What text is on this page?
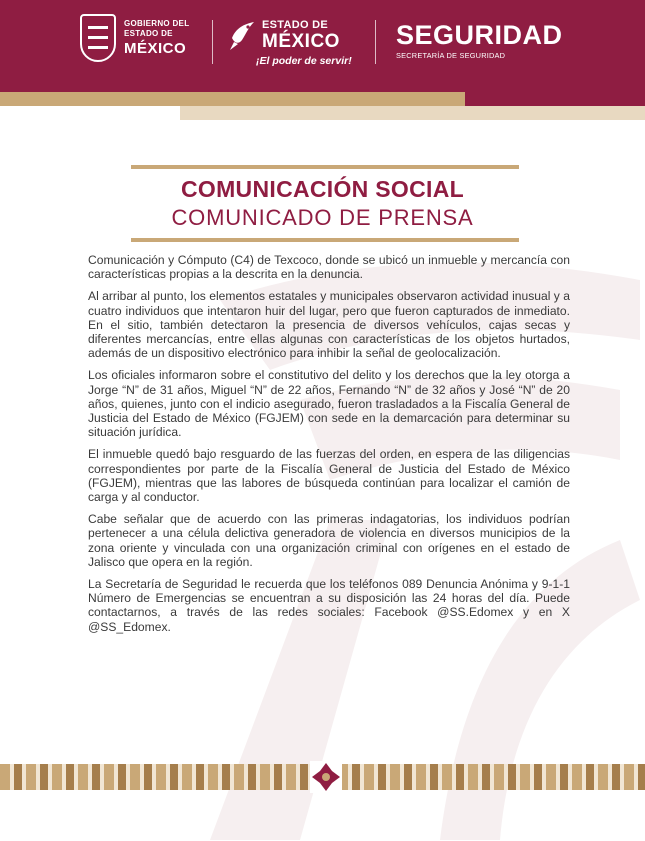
GOBIERNO DEL
ESTADO DE
MÉXICO
ESTADO DE
MÉXICO
¡El poder de servir!
SEGURIDAD
SECRETARÍA DE SEGURIDAD
COMUNICACIÓN SOCIAL
COMUNICADO DE PRENSA

Comunicación y Cómputo (C4) de Texcoco, donde se ubicó un inmueble y mercancía con características propias a la descrita en la denuncia.

Al arribar al punto, los elementos estatales y municipales observaron actividad inusual y a cuatro individuos que intentaron huir del lugar, pero que fueron capturados de inmediato. En el sitio, también detectaron la presencia de diversos vehículos, cajas secas y diferentes mercancías, entre ellas algunas con características de los objetos hurtados, además de un dispositivo electrónico para inhibir la señal de geolocalización.

Los oficiales informaron sobre el constitutivo del delito y los derechos que la ley otorga a Jorge “N” de 31 años, Miguel “N” de 22 años, Fernando “N” de 32 años y José “N” de 20 años, quienes, junto con el indicio asegurado, fueron trasladados a la Fiscalía General de Justicia del Estado de México (FGJEM) con sede en la demarcación para determinar su situación jurídica.

El inmueble quedó bajo resguardo de las fuerzas del orden, en espera de las diligencias correspondientes por parte de la Fiscalía General de Justicia del Estado de México (FGJEM), mientras que las labores de búsqueda continúan para localizar el camión de carga y al conductor.

Cabe señalar que de acuerdo con las primeras indagatorias, los individuos podrían pertenecer a una célula delictiva generadora de violencia en diversos municipios de la zona oriente y vinculada con una organización criminal con orígenes en el estado de Jalisco que opera en la región.

La Secretaría de Seguridad le recuerda que los teléfonos 089 Denuncia Anónima y 9-1-1 Número de Emergencias se encuentran a su disposición las 24 horas del día. Puede contactarnos, a través de las redes sociales: Facebook @SS.Edomex y en X @SS_Edomex.
